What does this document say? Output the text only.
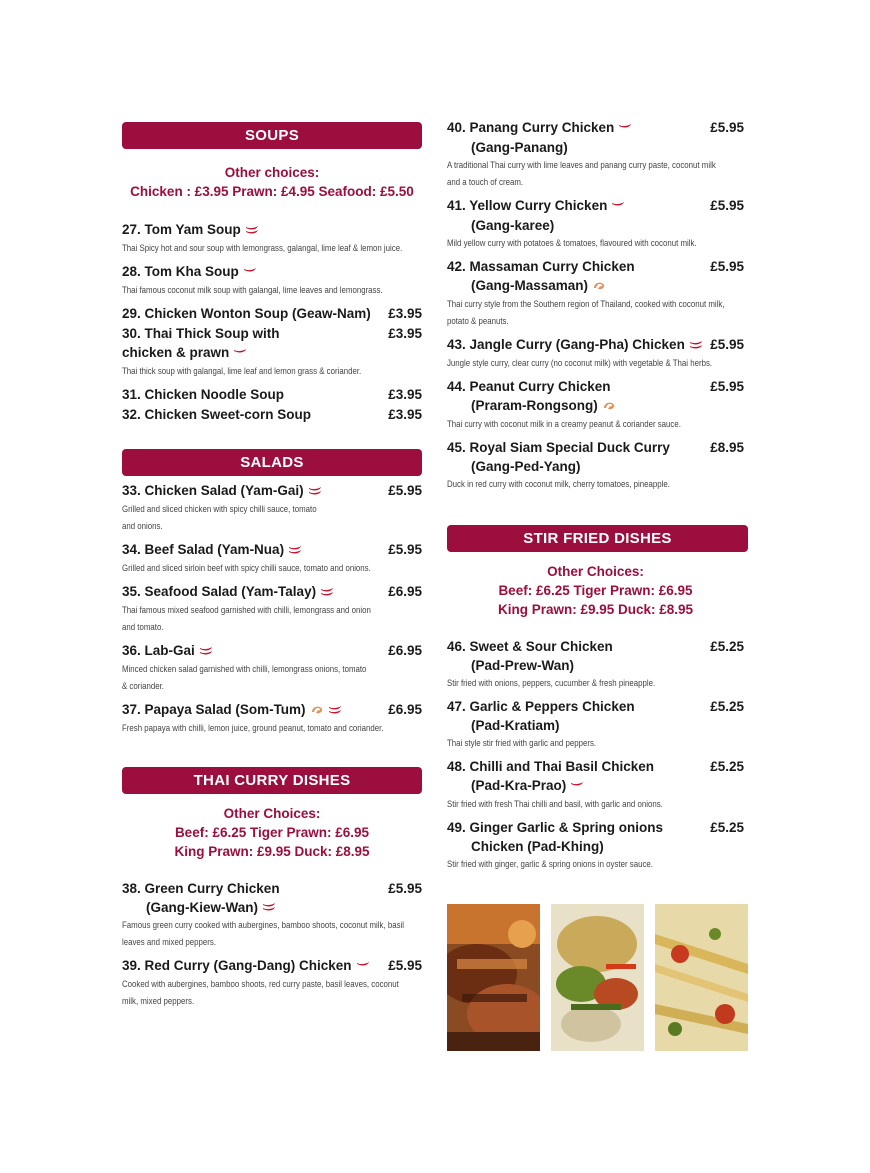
SOUPS
Other choices:
Chicken : £3.95 Prawn: £4.95 Seafood: £5.50
27. Tom Yam Soup
Thai Spicy hot and sour soup with lemongrass, galangal, lime leaf & lemon juice.
28. Tom Kha Soup
Thai famous coconut milk soup with galangal, lime leaves and lemongrass.
29. Chicken Wonton Soup (Geaw-Nam) £3.95
30. Thai Thick Soup with	£3.95
chicken & prawn
Thai thick soup with galangal, lime leaf and lemon grass & coriander.
31. Chicken Noodle Soup	£3.95
32. Chicken Sweet-corn Soup	£3.95
SALADS
33. Chicken Salad (Yam-Gai)	£5.95
Grilled and sliced chicken with spicy chilli sauce, tomato
and onions.
34. Beef Salad (Yam-Nua)	£5.95
Grilled and sliced sirloin beef with spicy chilli sauce, tomato and onions.
35. Seafood Salad (Yam-Talay)	£6.95
Thai famous mixed seafood garnished with chilli, lemongrass and onion
and tomato.
36. Lab-Gai	£6.95
Minced chicken salad garnished with chilli, lemongrass onions, tomato
& coriander.
37. Papaya Salad (Som-Tum)	£6.95
Fresh papaya with chilli, lemon juice, ground peanut, tomato and coriander.
THAI CURRY DISHES
Other Choices:
Beef: £6.25 Tiger Prawn: £6.95
King Prawn: £9.95 Duck: £8.95
38. Green Curry Chicken	£5.95
(Gang-Kiew-Wan)
Famous green curry cooked with aubergines, bamboo shoots, coconut milk, basil
leaves and mixed peppers.
39. Red Curry (Gang-Dang) Chicken	£5.95
Cooked with aubergines, bamboo shoots, red curry paste, basil leaves, coconut
milk, mixed peppers.
40. Panang Curry Chicken	£5.95
(Gang-Panang)
A traditional Thai curry with lime leaves and panang curry paste, coconut milk
and a touch of cream.
41. Yellow Curry Chicken	£5.95
(Gang-karee)
Mild yellow curry with potatoes & tomatoes, flavoured with coconut milk.
42. Massaman Curry Chicken	£5.95
(Gang-Massaman)
Thai curry style from the Southern region of Thailand, cooked with coconut milk,
potato & peanuts.
43. Jangle Curry (Gang-Pha) Chicken £5.95
Jungle style curry, clear curry (no coconut milk) with vegetable & Thai herbs.
44. Peanut Curry Chicken	£5.95
(Praram-Rongsong)
Thai curry with coconut milk in a creamy peanut & coriander sauce.
45. Royal Siam Special Duck Curry	£8.95
(Gang-Ped-Yang)
Duck in red curry with coconut milk, cherry tomatoes, pineapple.
STIR FRIED DISHES
Other Choices:
Beef: £6.25 Tiger Prawn: £6.95
King Prawn: £9.95 Duck: £8.95
46. Sweet & Sour Chicken	£5.25
(Pad-Prew-Wan)
Stir fried with onions, peppers, cucumber & fresh pineapple.
47. Garlic & Peppers Chicken	£5.25
(Pad-Kratiam)
Thai style stir fried with garlic and peppers.
48. Chilli and Thai Basil Chicken	£5.25
(Pad-Kra-Prao)
Stir fried with fresh Thai chilli and basil, with garlic and onions.
49. Ginger Garlic & Spring onions	£5.25
Chicken (Pad-Khing)
Stir fried with ginger, garlic & spring onions in oyster sauce.
